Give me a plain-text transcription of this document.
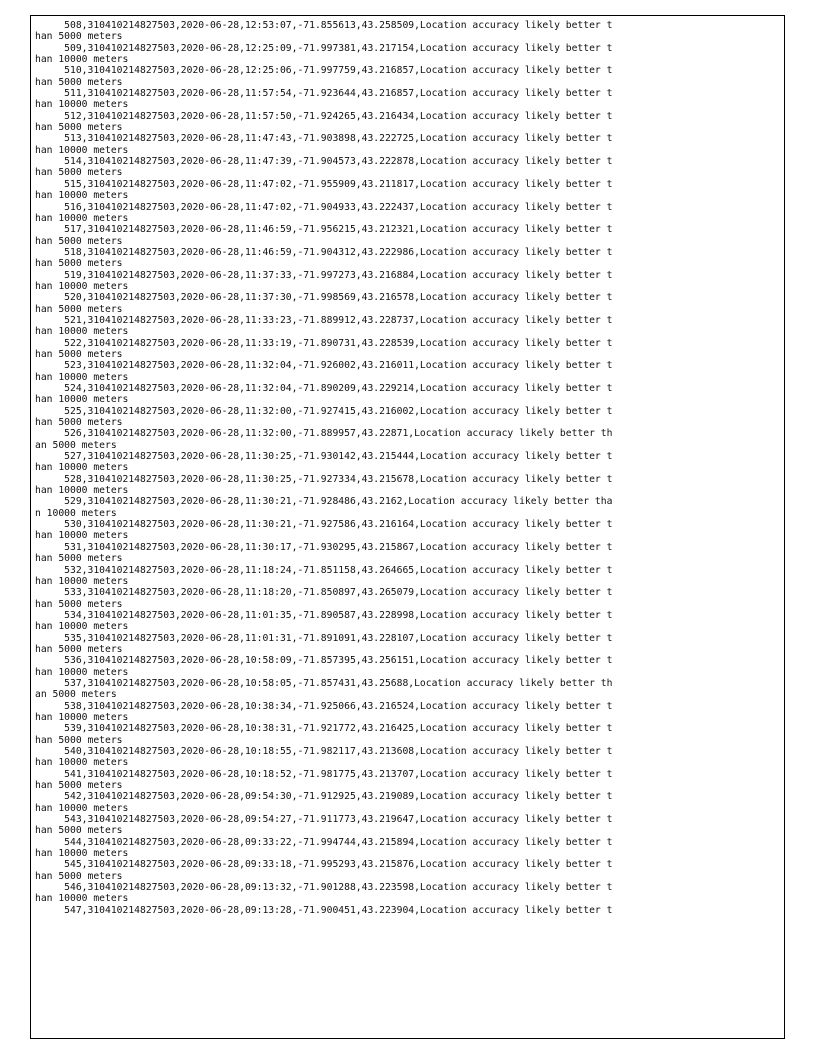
508,310410214827503,2020-06-28,12:53:07,-71.855613,43.258509,Location accuracy likely better t
han 5000 meters
509,310410214827503,2020-06-28,12:25:09,-71.997381,43.217154,Location accuracy likely better t
han 10000 meters
510,310410214827503,2020-06-28,12:25:06,-71.997759,43.216857,Location accuracy likely better t
han 5000 meters
511,310410214827503,2020-06-28,11:57:54,-71.923644,43.216857,Location accuracy likely better t
han 10000 meters
512,310410214827503,2020-06-28,11:57:50,-71.924265,43.216434,Location accuracy likely better t
han 5000 meters
513,310410214827503,2020-06-28,11:47:43,-71.903898,43.222725,Location accuracy likely better t
han 10000 meters
514,310410214827503,2020-06-28,11:47:39,-71.904573,43.222878,Location accuracy likely better t
han 5000 meters
515,310410214827503,2020-06-28,11:47:02,-71.955909,43.211817,Location accuracy likely better t
han 10000 meters
516,310410214827503,2020-06-28,11:47:02,-71.904933,43.222437,Location accuracy likely better t
han 10000 meters
517,310410214827503,2020-06-28,11:46:59,-71.956215,43.212321,Location accuracy likely better t
han 5000 meters
518,310410214827503,2020-06-28,11:46:59,-71.904312,43.222986,Location accuracy likely better t
han 5000 meters
519,310410214827503,2020-06-28,11:37:33,-71.997273,43.216884,Location accuracy likely better t
han 10000 meters
520,310410214827503,2020-06-28,11:37:30,-71.998569,43.216578,Location accuracy likely better t
han 5000 meters
521,310410214827503,2020-06-28,11:33:23,-71.889912,43.228737,Location accuracy likely better t
han 10000 meters
522,310410214827503,2020-06-28,11:33:19,-71.890731,43.228539,Location accuracy likely better t
han 5000 meters
523,310410214827503,2020-06-28,11:32:04,-71.926002,43.216011,Location accuracy likely better t
han 10000 meters
524,310410214827503,2020-06-28,11:32:04,-71.890209,43.229214,Location accuracy likely better t
han 10000 meters
525,310410214827503,2020-06-28,11:32:00,-71.927415,43.216002,Location accuracy likely better t
han 5000 meters
526,310410214827503,2020-06-28,11:32:00,-71.889957,43.22871,Location accuracy likely better th
an 5000 meters
527,310410214827503,2020-06-28,11:30:25,-71.930142,43.215444,Location accuracy likely better t
han 10000 meters
528,310410214827503,2020-06-28,11:30:25,-71.927334,43.215678,Location accuracy likely better t
han 10000 meters
529,310410214827503,2020-06-28,11:30:21,-71.928486,43.2162,Location accuracy likely better tha
n 10000 meters
530,310410214827503,2020-06-28,11:30:21,-71.927586,43.216164,Location accuracy likely better t
han 10000 meters
531,310410214827503,2020-06-28,11:30:17,-71.930295,43.215867,Location accuracy likely better t
han 5000 meters
532,310410214827503,2020-06-28,11:18:24,-71.851158,43.264665,Location accuracy likely better t
han 10000 meters
533,310410214827503,2020-06-28,11:18:20,-71.850897,43.265079,Location accuracy likely better t
han 5000 meters
534,310410214827503,2020-06-28,11:01:35,-71.890587,43.228998,Location accuracy likely better t
han 10000 meters
535,310410214827503,2020-06-28,11:01:31,-71.891091,43.228107,Location accuracy likely better t
han 5000 meters
536,310410214827503,2020-06-28,10:58:09,-71.857395,43.256151,Location accuracy likely better t
han 10000 meters
537,310410214827503,2020-06-28,10:58:05,-71.857431,43.25688,Location accuracy likely better th
an 5000 meters
538,310410214827503,2020-06-28,10:38:34,-71.925066,43.216524,Location accuracy likely better t
han 10000 meters
539,310410214827503,2020-06-28,10:38:31,-71.921772,43.216425,Location accuracy likely better t
han 5000 meters
540,310410214827503,2020-06-28,10:18:55,-71.982117,43.213608,Location accuracy likely better t
han 10000 meters
541,310410214827503,2020-06-28,10:18:52,-71.981775,43.213707,Location accuracy likely better t
han 5000 meters
542,310410214827503,2020-06-28,09:54:30,-71.912925,43.219089,Location accuracy likely better t
han 10000 meters
543,310410214827503,2020-06-28,09:54:27,-71.911773,43.219647,Location accuracy likely better t
han 5000 meters
544,310410214827503,2020-06-28,09:33:22,-71.994744,43.215894,Location accuracy likely better t
han 10000 meters
545,310410214827503,2020-06-28,09:33:18,-71.995293,43.215876,Location accuracy likely better t
han 5000 meters
546,310410214827503,2020-06-28,09:13:32,-71.901288,43.223598,Location accuracy likely better t
han 10000 meters
547,310410214827503,2020-06-28,09:13:28,-71.900451,43.223904,Location accuracy likely better t
